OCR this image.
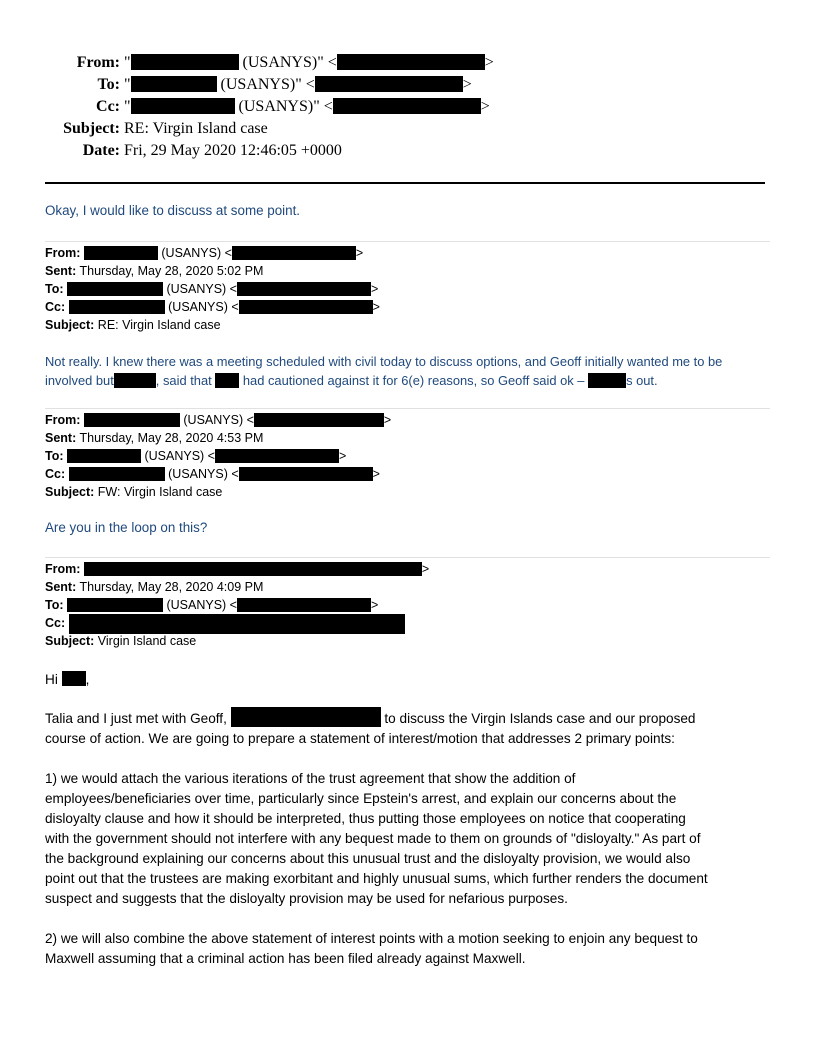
From: "	(USANYS)" <	>
To: "	(USANYS)" <	>
Cc: "	(USANYS)" <	>
Subject: RE: Virgin Island case
Date: Fri, 29 May 2020 12:46:05 +0000
Okay, I would like to discuss at some point.
From:	(USANYS) <	>
Sent: Thursday, May 28, 2020 5:02 PM
To:	(USANYS) <	>
Cc:	(USANYS) <	>
Subject: RE: Virgin Island case
Not really. I knew there was a meeting scheduled with civil today to discuss options, and Geoff initially wanted me to be
involved but	, said that had cautioned against it for 6(e) reasons, so Geoff said ok –	s out.
From:	(USANYS) <	>
Sent: Thursday, May 28, 2020 4:53 PM
To:	(USANYS) <	>
Cc:	(USANYS) <	>
Subject: FW: Virgin Island case
Are you in the loop on this?
From:	>
Sent: Thursday, May 28, 2020 4:09 PM
To:	(USANYS) <	>
Cc:
Subject: Virgin Island case
Hi ,
Talia and I just met with Geoff,	to discuss the Virgin Islands case and our proposed
course of action. We are going to prepare a statement of interest/motion that addresses 2 primary points:
1) we would attach the various iterations of the trust agreement that show the addition of
employees/beneficiaries over time, particularly since Epstein's arrest, and explain our concerns about the
disloyalty clause and how it should be interpreted, thus putting those employees on notice that cooperating
with the government should not interfere with any bequest made to them on grounds of "disloyalty." As part of
the background explaining our concerns about this unusual trust and the disloyalty provision, we would also
point out that the trustees are making exorbitant and highly unusual sums, which further renders the document
suspect and suggests that the disloyalty provision may be used for nefarious purposes.
2) we will also combine the above statement of interest points with a motion seeking to enjoin any bequest to
Maxwell assuming that a criminal action has been filed already against Maxwell.
